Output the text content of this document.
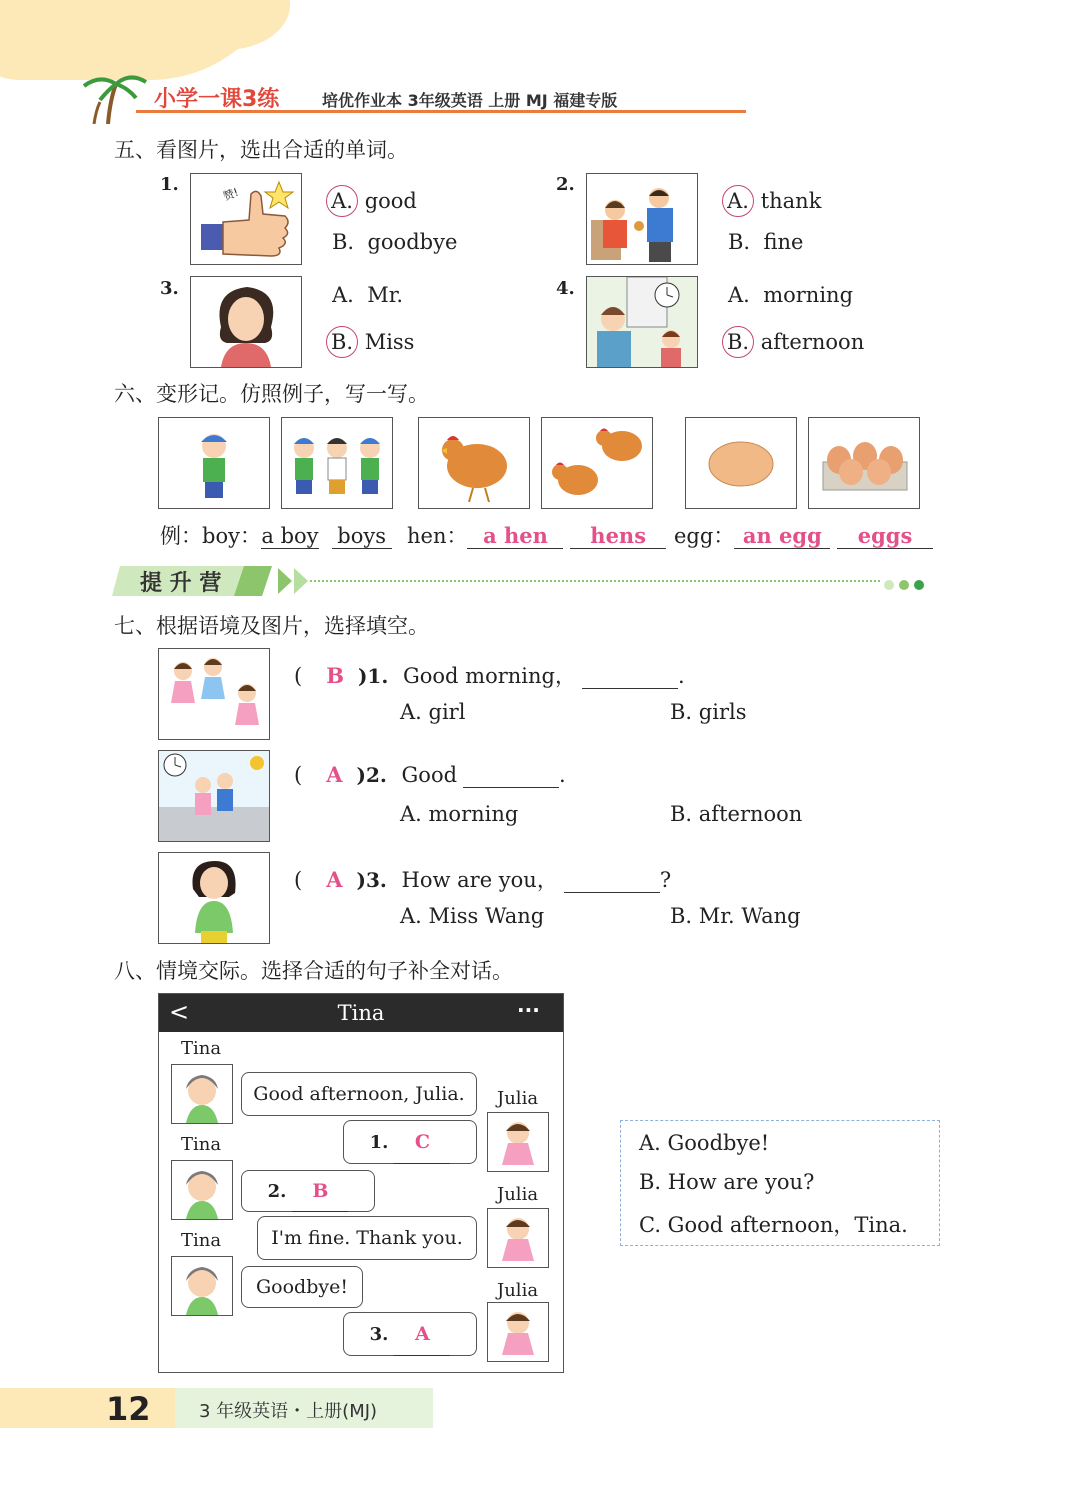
小学一课3练	培优作业本 3年级英语 上册 MJ 福建专版
五、看图片，选出合适的单词。
1.	赞!	A. good
B. goodbye
2.
A. thank
B. fine
3.	A. Mr.
B. Miss
4.	A. morning
B. afternoon
六、变形记。仿照例子，写一写。
例：boy：a boy boys hen： a hen hens	egg： an egg eggs
提 升 营

七、根据语境及图片，选择填空。
( B )1. Good morning，	.
A. girl	B. girls
( A )2. Good	.
A. morning	B. afternoon
( A )3. How are you，	?
A. Miss Wang	B. Mr. Wang
八、情境交际。选择合适的句子补全对话。
<	Tina	···
Tina
Good afternoon, Julia.	Julia
1. C
Tina
2. B	Julia
I'm fine. Thank you.
Tina
Goodbye!	Julia
3. A
A. Goodbye!
B. How are you?
C. Good afternoon，Tina.
12	3 年级英语・上册(MJ)
